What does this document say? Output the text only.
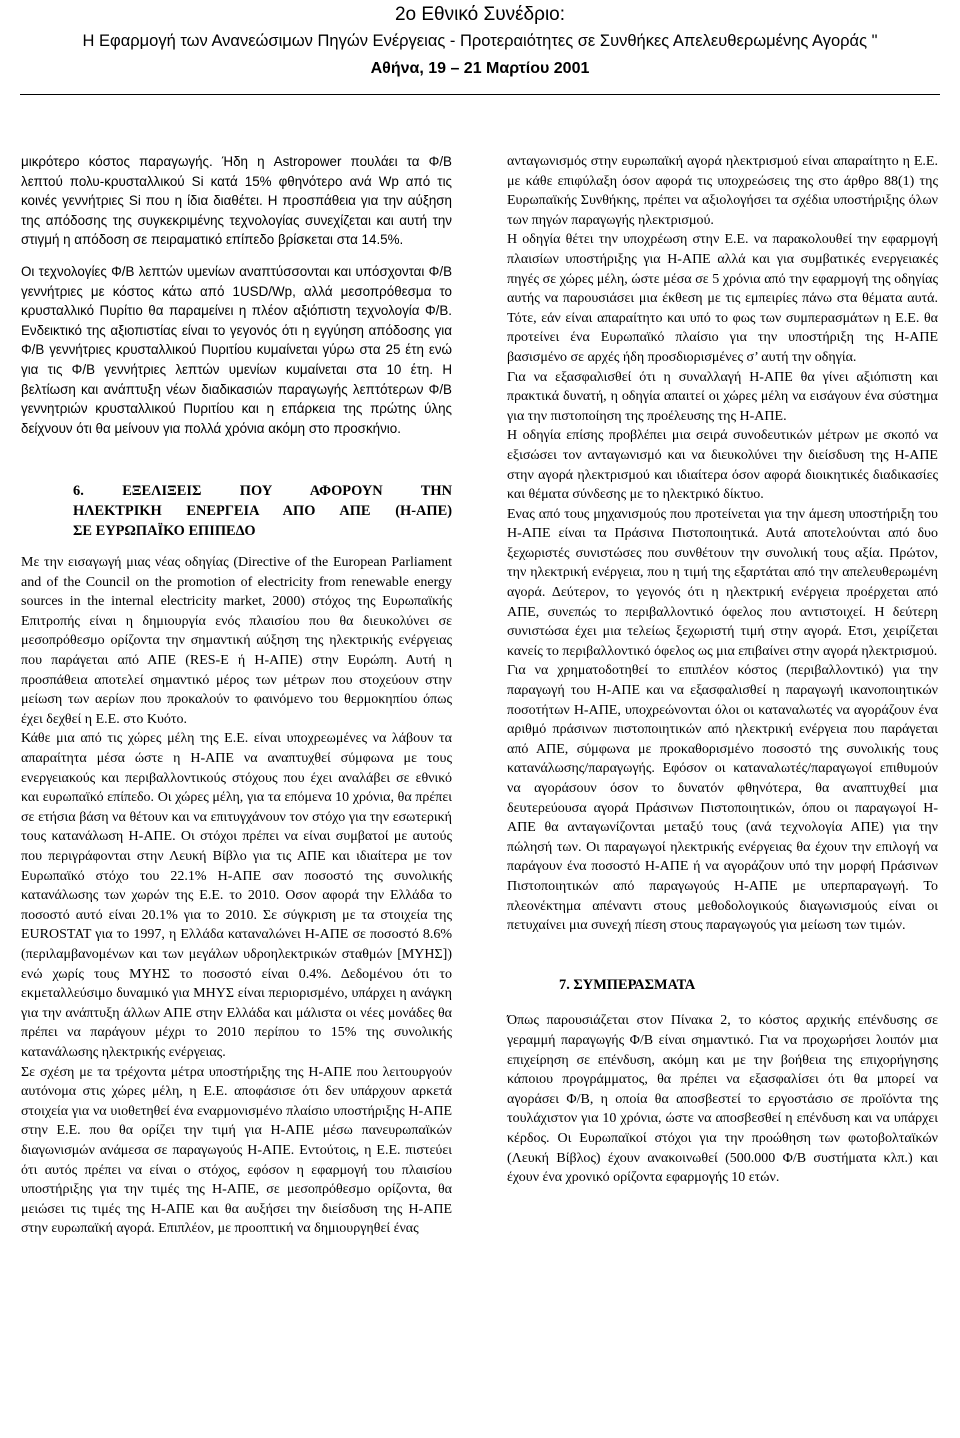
2ο Εθνικό Συνέδριο:
Η Εφαρμογή των Ανανεώσιμων Πηγών Ενέργειας - Προτεραιότητες σε Συνθήκες Απελευθερωμένης Αγοράς "
Αθήνα, 19 – 21 Μαρτίου 2001

μικρότερο κόστος παραγωγής. Ήδη η Astropower πουλάει τα Φ/Β λεπτού πολυ-κρυσταλλικού Si κατά 15% φθηνότερο ανά Wp από τις κοινές γεννήτριες Si που η ίδια διαθέτει. Η προσπάθεια για την αύξηση της απόδοσης της συγκεκριμένης τεχνολογίας συνεχίζεται και αυτή την στιγμή η απόδοση σε πειραματικό επίπεδο βρίσκεται στα 14.5%.

Οι τεχνολογίες Φ/Β λεπτών υμενίων αναπτύσσονται και υπόσχονται Φ/Β γεννήτριες με κόστος κάτω από 1USD/Wp, αλλά μεσοπρόθεσμα το κρυσταλλικό Πυρίτιο θα παραμείνει η πλέον αξιόπιστη τεχνολογία Φ/Β. Ενδεικτικό της αξιοπιστίας είναι το γεγονός ότι η εγγύηση απόδοσης για Φ/Β γεννήτριες κρυσταλλικού Πυριτίου κυμαίνεται γύρω στα 25 έτη ενώ για τις Φ/Β γεννήτριες λεπτών υμενίων κυμαίνεται στα 10 έτη. Η βελτίωση και ανάπτυξη νέων διαδικασιών παραγωγής λεπτότερων Φ/Β γεννητριών κρυσταλλικού Πυριτίου και η επάρκεια της πρώτης ύλης δείχνουν ότι θα μείνουν για πολλά χρόνια ακόμη στο προσκήνιο.

6. ΕΞΕΛΙΞΕΙΣ ΠΟΥ ΑΦΟΡΟΥΝ ΤΗΝ
ΗΛΕΚΤΡΙΚΗ ΕΝΕΡΓΕΙΑ ΑΠΟ ΑΠΕ (Η-ΑΠΕ)
ΣΕ ΕΥΡΩΠΑΪΚΟ ΕΠΙΠΕΔΟ

Με την εισαγωγή μιας νέας οδηγίας (Directive of the European Parliament and of the Council on the promotion of electricity from renewable energy sources in the internal electricity market, 2000) στόχος της Ευρωπαϊκής Επιτροπής είναι η δημιουργία ενός πλαισίου που θα διευκολύνει σε μεσοπρόθεσμο ορίζοντα την σημαντική αύξηση της ηλεκτρικής ενέργειας που παράγεται από ΑΠΕ (RES-E ή Η-ΑΠΕ) στην Ευρώπη. Αυτή η προσπάθεια αποτελεί σημαντικό μέρος των μέτρων που στοχεύουν στην μείωση των αερίων που προκαλούν το φαινόμενο του θερμοκηπίου όπως έχει δεχθεί η Ε.Ε. στο Κυότο.

Κάθε μια από τις χώρες μέλη της Ε.Ε. είναι υποχρεωμένες να λάβουν τα απαραίτητα μέσα ώστε η Η-ΑΠΕ να αναπτυχθεί σύμφωνα με τους ενεργειακούς και περιβαλλοντικούς στόχους που έχει αναλάβει σε εθνικό και ευρωπαϊκό επίπεδο. Οι χώρες μέλη, για τα επόμενα 10 χρόνια, θα πρέπει σε ετήσια βάση να θέτουν και να επιτυγχάνουν τον στόχο για την εσωτερική τους κατανάλωση Η-ΑΠΕ. Οι στόχοι πρέπει να είναι συμβατοί με αυτούς που περιγράφονται στην Λευκή Βίβλο για τις ΑΠΕ και ιδιαίτερα με τον Ευρωπαϊκό στόχο του 22.1% Η-ΑΠΕ σαν ποσοστό της συνολικής κατανάλωσης των χωρών της Ε.Ε. το 2010. Οσον αφορά την Ελλάδα το ποσοστό αυτό είναι 20.1% για το 2010. Σε σύγκριση με τα στοιχεία της EUROSTAT για το 1997, η Ελλάδα καταναλώνει Η-ΑΠΕ σε ποσοστό 8.6% (περιλαμβανομένων και των μεγάλων υδροηλεκτρικών σταθμών [ΜΥΗΣ]) ενώ χωρίς τους ΜΥΗΣ το ποσοστό είναι 0.4%. Δεδομένου ότι το εκμεταλλεύσιμο δυναμικό για ΜΗΥΣ είναι περιορισμένο, υπάρχει η ανάγκη για την ανάπτυξη άλλων ΑΠΕ στην Ελλάδα και μάλιστα οι νέες μονάδες θα πρέπει να παράγουν μέχρι το 2010 περίπου το 15% της συνολικής κατανάλωσης ηλεκτρικής ενέργειας.

Σε σχέση με τα τρέχοντα μέτρα υποστήριξης της Η-ΑΠΕ που λειτουργούν αυτόνομα στις χώρες μέλη, η Ε.Ε. αποφάσισε ότι δεν υπάρχουν αρκετά στοιχεία για να υιοθετηθεί ένα εναρμονισμένο πλαίσιο υποστήριξης Η-ΑΠΕ στην Ε.Ε. που θα ορίζει την τιμή για Η-ΑΠΕ μέσω πανευρωπαϊκών διαγωνισμών ανάμεσα σε παραγωγούς Η-ΑΠΕ. Εντούτοις, η Ε.Ε. πιστεύει ότι αυτός πρέπει να είναι ο στόχος, εφόσον η εφαρμογή του πλαισίου υποστήριξης για την τιμές της Η-ΑΠΕ, σε μεσοπρόθεσμο ορίζοντα, θα μειώσει τις τιμές της Η-ΑΠΕ και θα αυξήσει την διείσδυση της Η-ΑΠΕ στην ευρωπαϊκή αγορά. Επιπλέον, με προοπτική να δημιουργηθεί ένας

ανταγωνισμός στην ευρωπαϊκή αγορά ηλεκτρισμού είναι απαραίτητο η Ε.Ε. με κάθε επιφύλαξη όσον αφορά τις υποχρεώσεις της στο άρθρο 88(1) της Ευρωπαϊκής Συνθήκης, πρέπει να αξιολογήσει τα σχέδια υποστήριξης όλων των πηγών παραγωγής ηλεκτρισμού.

Η οδηγία θέτει την υποχρέωση στην Ε.Ε. να παρακολουθεί την εφαρμογή πλαισίων υποστήριξης για Η-ΑΠΕ αλλά και για συμβατικές ενεργειακές πηγές σε χώρες μέλη, ώστε μέσα σε 5 χρόνια από την εφαρμογή της οδηγίας αυτής να παρουσιάσει μια έκθεση με τις εμπειρίες πάνω στα θέματα αυτά. Τότε, εάν είναι απαραίτητο και υπό το φως των συμπερασμάτων η Ε.Ε. θα προτείνει ένα Ευρωπαϊκό πλαίσιο για την υποστήριξη της Η-ΑΠΕ βασισμένο σε αρχές ήδη προσδιορισμένες σ’ αυτή την οδηγία.

Για να εξασφαλισθεί ότι η συναλλαγή Η-ΑΠΕ θα γίνει αξιόπιστη και πρακτικά δυνατή, η οδηγία απαιτεί οι χώρες μέλη να εισάγουν ένα σύστημα για την πιστοποίηση της προέλευσης της Η-ΑΠΕ.

Η οδηγία επίσης προβλέπει μια σειρά συνοδευτικών μέτρων με σκοπό να εξισώσει τον ανταγωνισμό και να διευκολύνει την διείσδυση της Η-ΑΠΕ στην αγορά ηλεκτρισμού και ιδιαίτερα όσον αφορά διοικητικές διαδικασίες και θέματα σύνδεσης με το ηλεκτρικό δίκτυο.

Ενας από τους μηχανισμούς που προτείνεται για την άμεση υποστήριξη του Η-ΑΠΕ είναι τα Πράσινα Πιστοποιητικά. Αυτά αποτελούνται από δυο ξεχωριστές συνιστώσες που συνθέτουν την συνολική τους αξία. Πρώτον, την ηλεκτρική ενέργεια, που η τιμή της εξαρτάται από την απελευθερωμένη αγορά. Δεύτερον, το γεγονός ότι η ηλεκτρική ενέργεια προέρχεται από ΑΠΕ, συνεπώς το περιβαλλοντικό όφελος που αντιστοιχεί. Η δεύτερη συνιστώσα έχει μια τελείως ξεχωριστή τιμή στην αγορά. Ετσι, χειρίζεται κανείς το περιβαλλοντικό όφελος ως μια επιβαίνει στην αγορά ηλεκτρισμού.

Για να χρηματοδοτηθεί το επιπλέον κόστος (περιβαλλοντικό) για την παραγωγή του Η-ΑΠΕ και να εξασφαλισθεί η παραγωγή ικανοποιητικών ποσοτήτων Η-ΑΠΕ, υποχρεώνονται όλοι οι καταναλωτές να αγοράζουν ένα αριθμό πράσινων πιστοποιητικών από ηλεκτρική ενέργεια που παράγεται από ΑΠΕ, σύμφωνα με προκαθορισμένο ποσοστό της συνολικής τους κατανάλωσης/παραγωγής. Εφόσον οι καταναλωτές/παραγωγοί επιθυμούν να αγοράσουν όσον το δυνατόν φθηνότερα, θα αναπτυχθεί μια δευτερεύουσα αγορά Πράσινων Πιστοποιητικών, όπου οι παραγωγοί Η-ΑΠΕ θα ανταγωνίζονται μεταξύ τους (ανά τεχνολογία ΑΠΕ) για την πώλησή των. Οι παραγωγοί ηλεκτρικής ενέργειας θα έχουν την επιλογή να παράγουν ένα ποσοστό Η-ΑΠΕ ή να αγοράζουν υπό την μορφή Πράσινων Πιστοποιητικών από παραγωγούς Η-ΑΠΕ με υπερπαραγωγή. Το πλεονέκτημα απέναντι στους μεθοδολογικούς διαγωνισμούς είναι οι πετυχαίνει μια συνεχή πίεση στους παραγωγούς για μείωση των τιμών.

7. ΣΥΜΠΕΡΑΣΜΑΤΑ

Όπως παρουσιάζεται στον Πίνακα 2, το κόστος αρχικής επένδυσης σε γεραμμή παραγωγής Φ/Β είναι σημαντικό. Για να προχωρήσει λοιπόν μια επιχείρηση σε επένδυση, ακόμη και με την βοήθεια της επιχορήγησης κάποιου προγράμματος, θα πρέπει να εξασφαλίσει ότι θα μπορεί να αγοράσει Φ/Β, η οποία θα αποσβεστεί το εργοστάσιο σε προϊόντα της τουλάχιστον για 10 χρόνια, ώστε να αποσβεσθεί η επένδυση και να υπάρχει κέρδος. Οι Ευρωπαϊκοί στόχοι για την προώθηση των φωτοβολταϊκών (Λευκή Βίβλος) έχουν ανακοινωθεί (500.000 Φ/Β συστήματα κλπ.) και έχουν ένα χρονικό ορίζοντα εφαρμογής 10 ετών.
